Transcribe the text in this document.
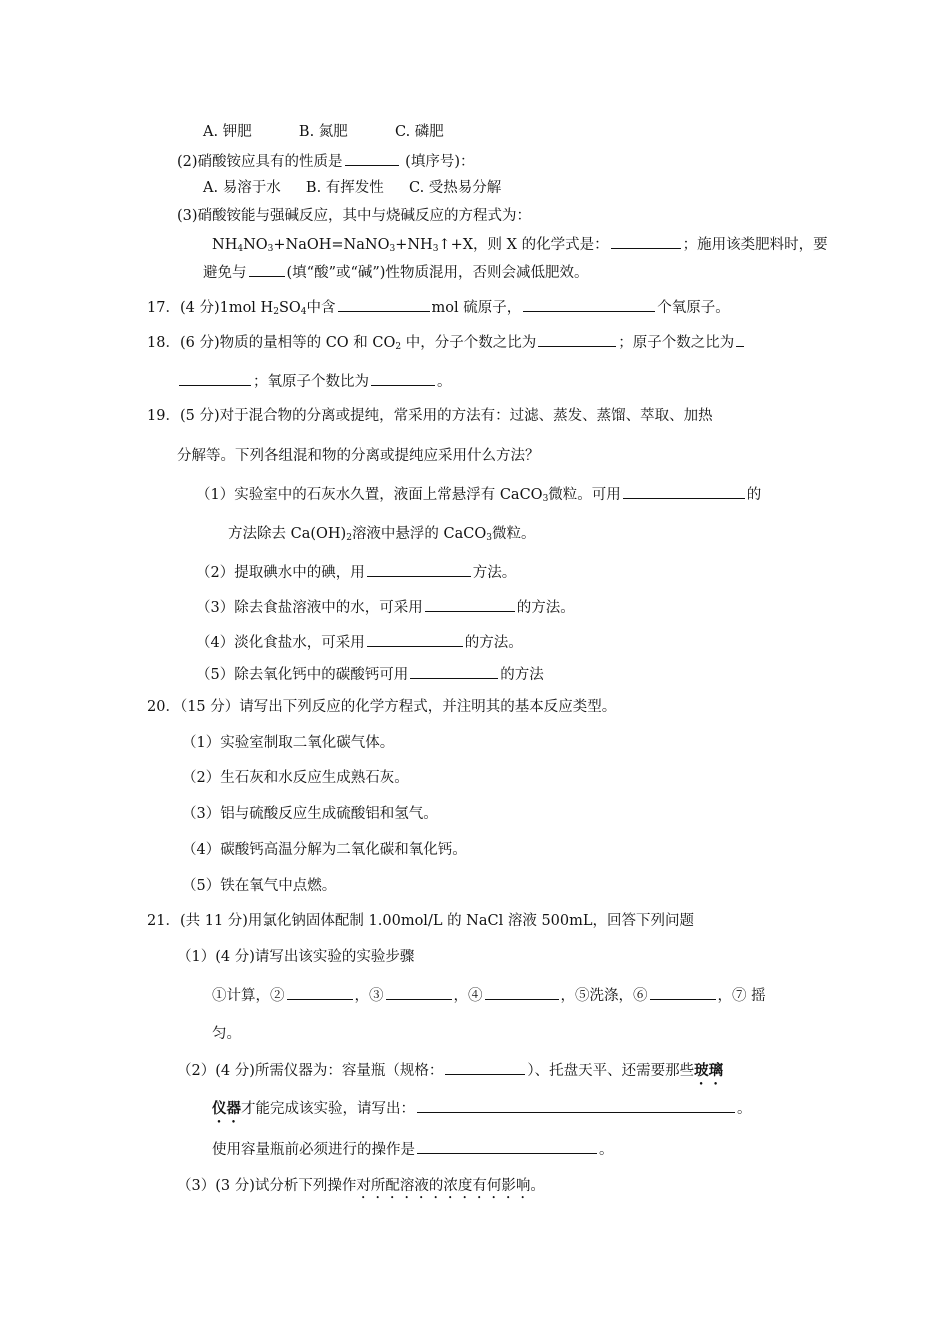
A. 钾肥	B. 氮肥	C. 磷肥
(2)硝酸铵应具有的性质是	(填序号)：
A. 易溶于水 B. 有挥发性 C. 受热易分解
(3)硝酸铵能与强碱反应，其中与烧碱反应的方程式为：
$NH_4NO_3+NaOH=NaNO_3+NH_3↑+X$，则 X 的化学式是：	；施用该类肥料时，要
避免与	(填“酸”或“碱”)性物质混用，否则会减低肥效。
17．(4 分)1mol $H_2SO_4$中含	mol 硫原子，	个氧原子。
18．(6 分)物质的量相等的 CO 和 $CO_2$ 中，分子个数之比为	；原子个数之比为
；氧原子个数比为	。
19．(5 分)对于混合物的分离或提纯，常采用的方法有：过滤、蒸发、蒸馏、萃取、加热
分解等。下列各组混和物的分离或提纯应采用什么方法？
（1）实验室中的石灰水久置，液面上常悬浮有 CaCO$_3$微粒。可用	的
方法除去 $Ca(OH)_2$溶液中悬浮的 CaCO$_3$微粒。
（2）提取碘水中的碘，用	方法。
（3）除去食盐溶液中的水，可采用	的方法。
（4）淡化食盐水，可采用	的方法。
（5）除去氧化钙中的碳酸钙可用	的方法
20．（15 分）请写出下列反应的化学方程式，并注明其的基本反应类型。
（1）实验室制取二氧化碳气体。
（2）生石灰和水反应生成熟石灰。
（3）铝与硫酸反应生成硫酸铝和氢气。
（4）碳酸钙高温分解为二氧化碳和氧化钙。
（5）铁在氧气中点燃。
21．(共 11 分)用氯化钠固体配制 1.00mol/L 的 NaCl 溶液 500mL，回答下列问题
（1）(4 分)请写出该实验的实验步骤
①计算，②	，③	，④	，⑤洗涤，⑥	，⑦ 摇
匀。
（2）(4 分)所需仪器为：容量瓶（规格：	）、托盘天平、还需要那些玻璃
仪器才能完成该实验，请写出：	。
使用容量瓶前必须进行的操作是	。
（3）(3 分)试分析下列操作对所配溶液的浓度有何影响。
